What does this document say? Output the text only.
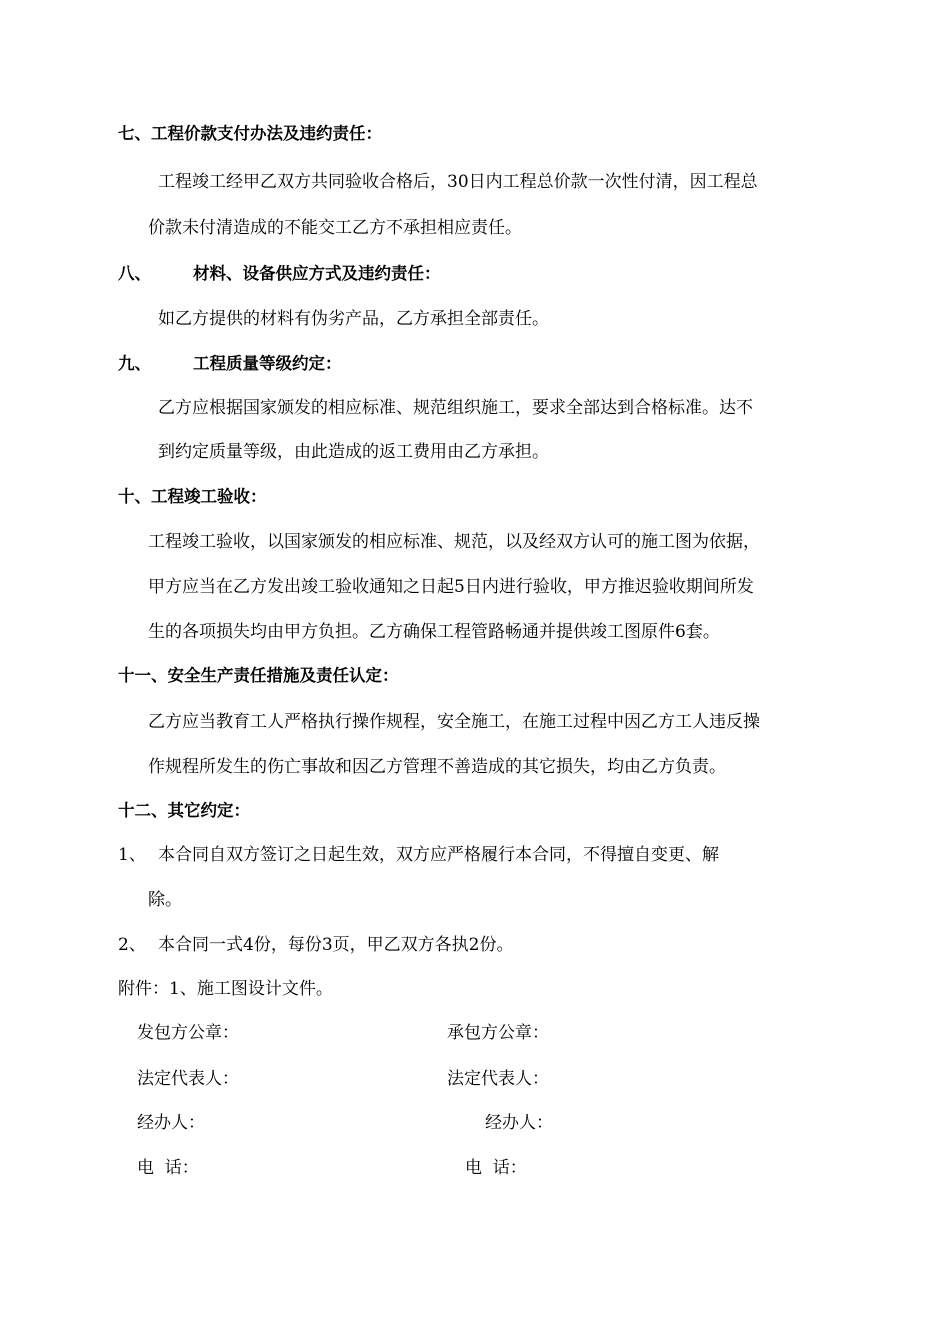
七、工程价款支付办法及违约责任：
工程竣工经甲乙双方共同验收合格后，30日内工程总价款一次性付清，因工程总
价款未付清造成的不能交工乙方不承担相应责任。
八、	材料、设备供应方式及违约责任：
如乙方提供的材料有伪劣产品，乙方承担全部责任。
九、	工程质量等级约定：
乙方应根据国家颁发的相应标准、规范组织施工，要求全部达到合格标准。达不
到约定质量等级，由此造成的返工费用由乙方承担。
十、工程竣工验收：
工程竣工验收，以国家颁发的相应标准、规范，以及经双方认可的施工图为依据，
甲方应当在乙方发出竣工验收通知之日起5日内进行验收，甲方推迟验收期间所发
生的各项损失均由甲方负担。乙方确保工程管路畅通并提供竣工图原件6套。
十一、安全生产责任措施及责任认定：
乙方应当教育工人严格执行操作规程，安全施工，在施工过程中因乙方工人违反操
作规程所发生的伤亡事故和因乙方管理不善造成的其它损失，均由乙方负责。
十二、其它约定：
1、 本合同自双方签订之日起生效，双方应严格履行本合同，不得擅自变更、解
除。
2、 本合同一式4份，每份3页，甲乙双方各执2份。
附件：1、施工图设计文件。
发包方公章：	承包方公章：
法定代表人：	法定代表人：
经办人：	经办人：
电  话：	电  话：
